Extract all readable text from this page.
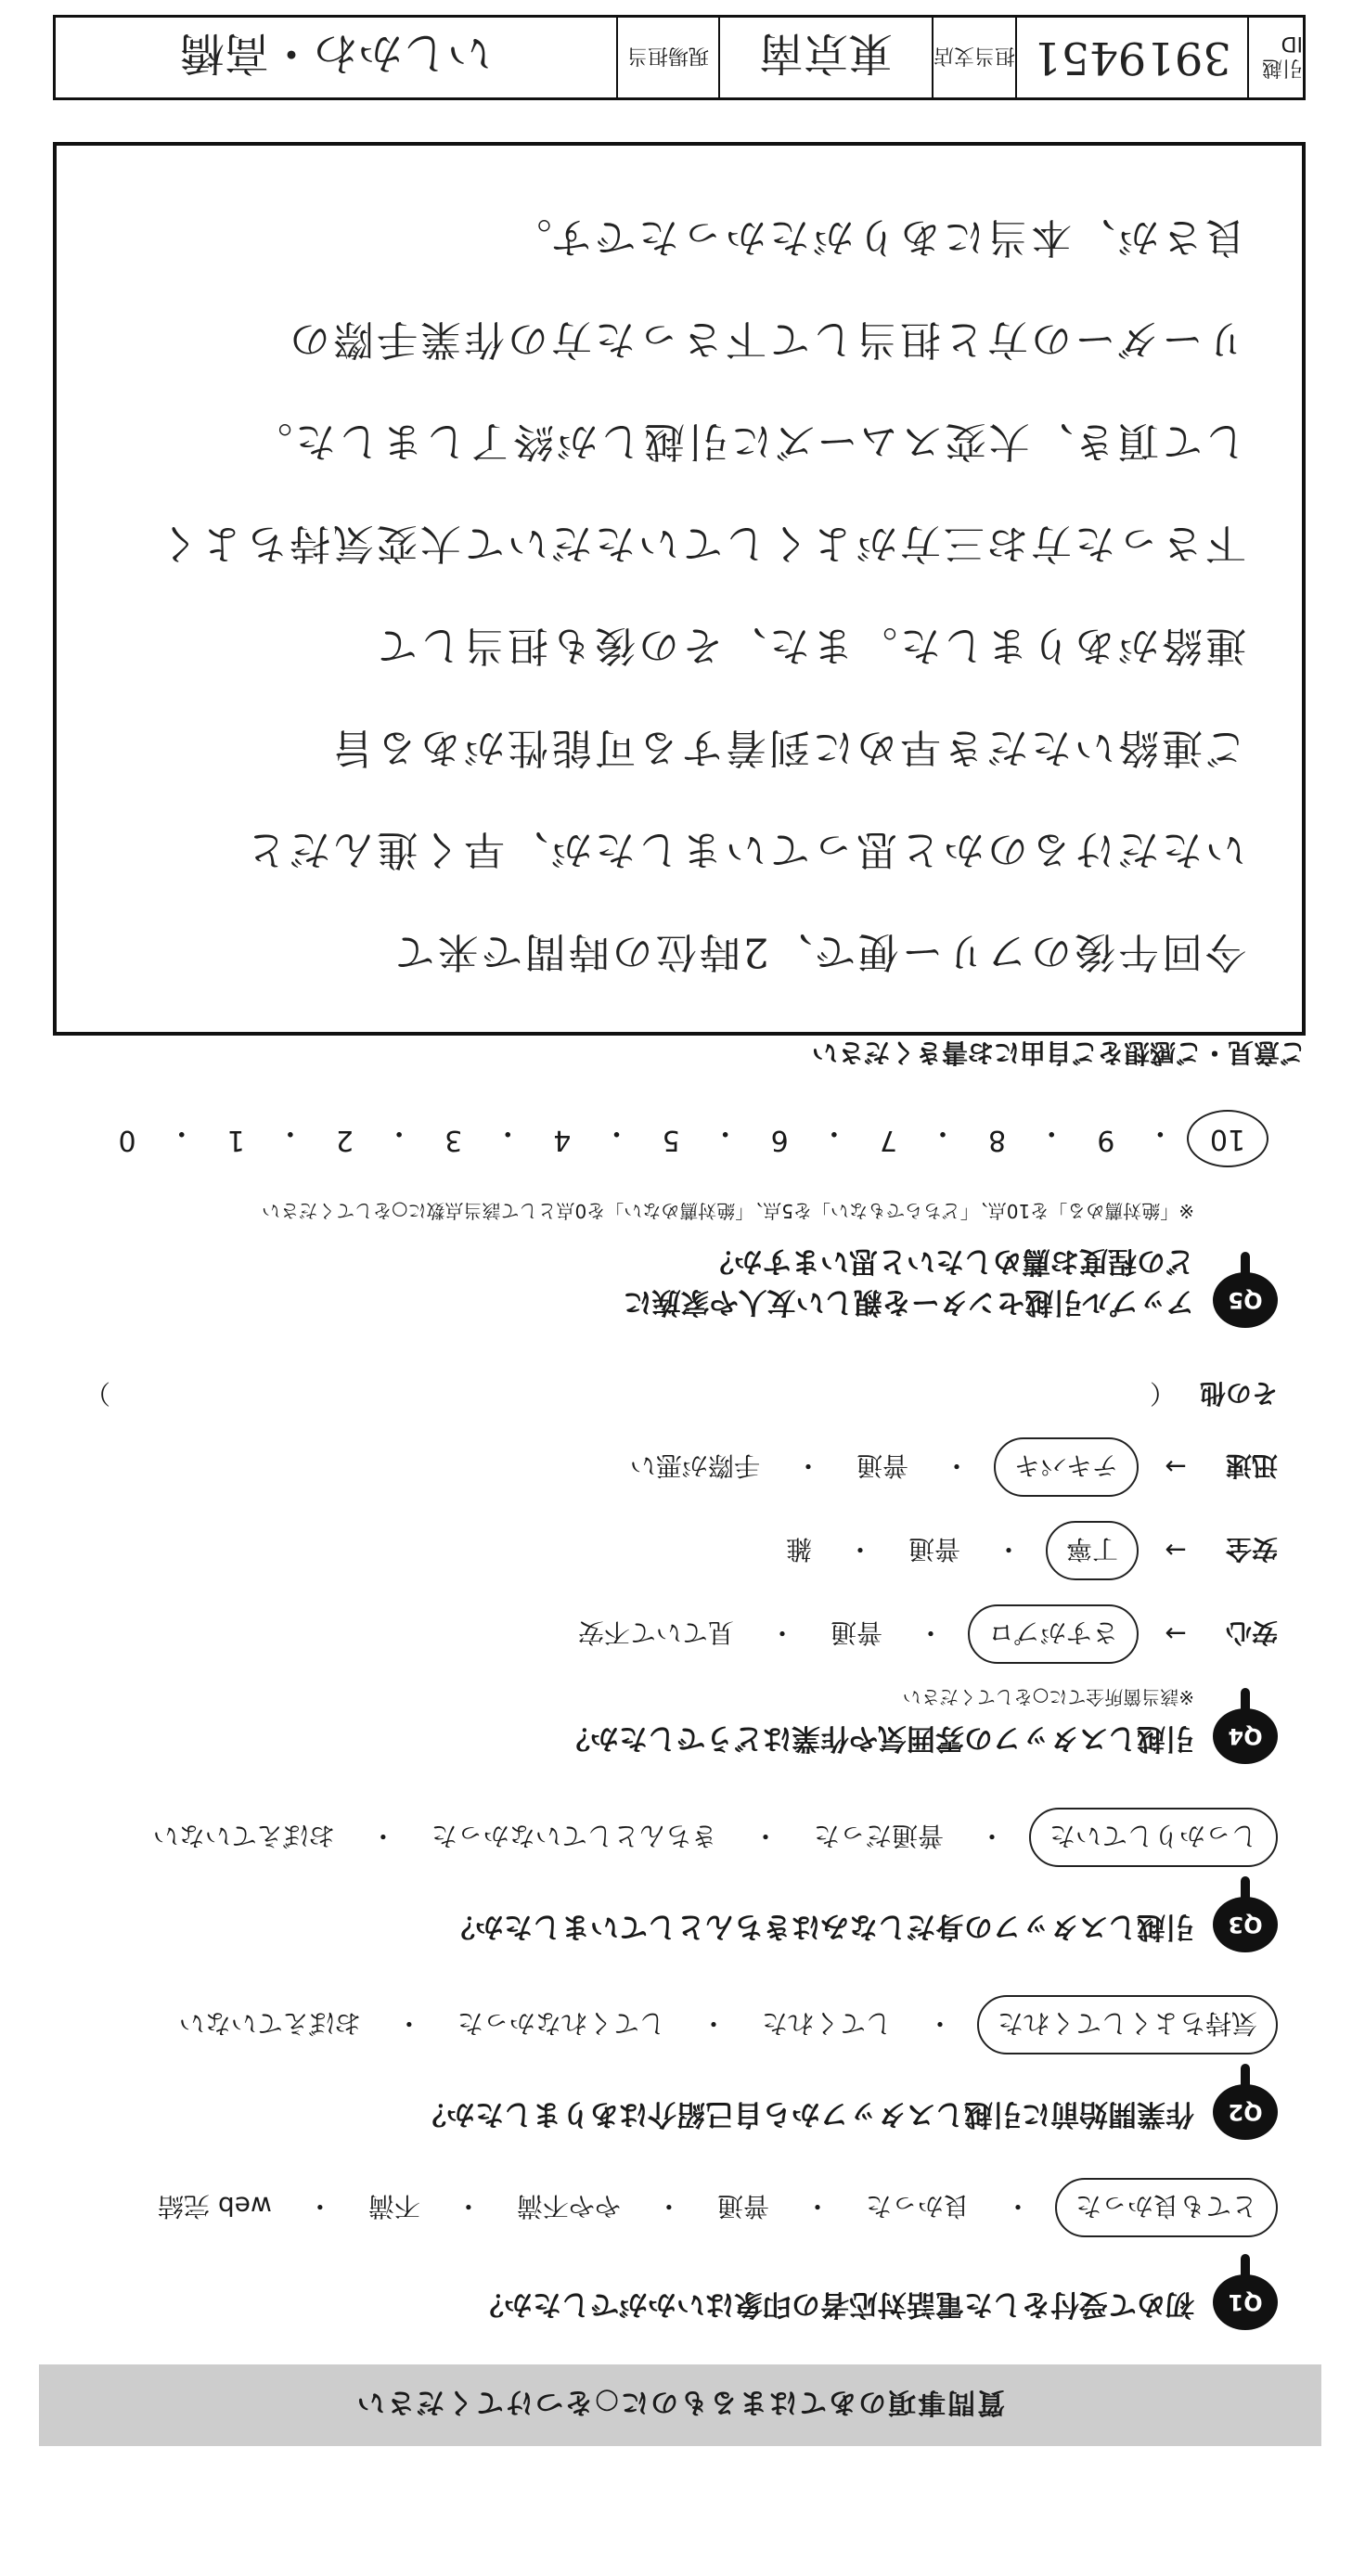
質問事項のあてはまるものに○をつけてください
Q1
初めて受付をした電話対応者の印象はいかがでしたか？
とても良かった
・
良かった
・
普通
・
やや不満
・
不満
・
web 完結
Q2
作業開始前に引越しスタッフから自己紹介はありましたか？
気持ちよくしてくれた
・
してくれた
・
してくれなかった
・
おぼえていない
Q3
引越しスタッフの身だしなみはきちんとしていましたか？
しっかりしていた
・
普通だった
・
きちんとしていなかった
・
おぼえていない
Q4
引越しスタッフの雰囲気や作業はどうでしたか？
※該当箇所全てに○をしてください
安心
→
さすがプロ
・
普通
・
見ていて不安
安全
→
丁寧
・
普通
・
雑
迅速
→
テキパキ
・
普通
・
手際が悪い
その他
（
）
Q5
アップル引越センターを親しい友人や家族に
どの程度お薦めしたいと思いますか？
※「絶対薦める」を10点、「どちらでもない」を5点、「絶対薦めない」を0点として該当点数に○をしてください
10
・
9
・
8
・
7
・
6
・
5
・
4
・
3
・
2
・
1
・
0
ご意見・ご感想をご自由にお書きください
今回午後のフリー便で、2時位の時間で来て
いただけるのかと思っていましたが、早く進んだと
ご連絡いただき早めに到着する可能性がある旨
連絡がありました。また、その後も担当して
下さった方お三方がよくしていただいて大変気持ちよく
して頂き、大変スムーズに引越しが終了しました。
リーダーの方と担当して下さった方の作業手際の
良さが、本当にありがたかったです。
引越ID
3919451
担当支店
東京南
現場担当
いしかわ・高橋
